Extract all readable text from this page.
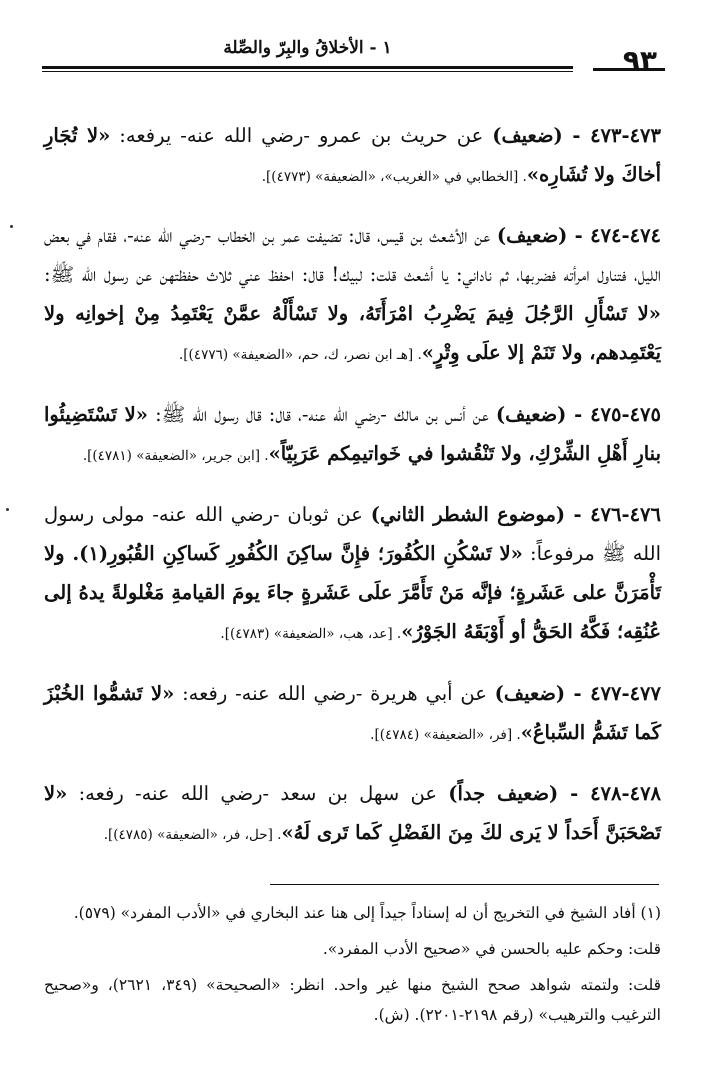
٩٣
١ - الأخلاقُ والبِرّ والصِّلة

٤٧٣-٤٧٣ - (ضعيف) عن حريث بن عمرو -رضي الله عنه- يرفعه: «لا تُجَارِ أخاكَ ولا تُشَارِه». [الخطابي في «الغريب»، «الضعيفة» (٤٧٧٣)].

٤٧٤-٤٧٤ - (ضعيف) عن الأشعث بن قيس، قال: تضيفت عمر بن الخطاب -رضي الله عنه-، فقام في بعض الليل، فتناول امرأته فضربها، ثم ناداني: يا أشعث قلت: لبيك! قال: احفظ عني ثلاث حفظتهن عن رسول الله ﷺ: «لا تَسْأَلِ الرَّجُلَ فِيمَ يَضْرِبُ امْرَأَتَهُ، ولا تَسْأَلْهُ عمَّنْ يَعْتَمِدُ مِنْ إخوانِه ولا يَعْتَمِدهم، ولا تَنَمْ إلا علَى وِتْرٍ». [هـ ابن نصر، ك، حم، «الضعيفة» (٤٧٧٦)].

٤٧٥-٤٧٥ - (ضعيف) عن أنس بن مالك -رضي الله عنه-، قال: قال رسول الله ﷺ: «لا تَسْتَضِيئُوا بنارِ أَهْلِ الشِّرْكِ، ولا تَنْقُشوا في خَواتيمِكم عَرَبِيّاً». [ابن جرير، «الضعيفة» (٤٧٨١)].

٤٧٦-٤٧٦ - (موضوع الشطر الثاني) عن ثوبان -رضي الله عنه- مولى رسول الله ﷺ مرفوعاً: «لا تَسْكُنِ الكُفُورَ؛ فإِنَّ ساكِنَ الكُفُورِ كَساكِنِ القُبُورِ(١). ولا تَأْمَرَنَّ على عَشَرةٍ؛ فإنَّه مَنْ تَأَمَّرَ علَى عَشَرةٍ جاءَ يومَ القيامةِ مَغْلولةً يدهُ إلى عُنُقِه؛ فَكَّهُ الحَقُّ أو أَوْبَقَهُ الجَوْرُ». [عد، هب، «الضعيفة» (٤٧٨٣)].

٤٧٧-٤٧٧ - (ضعيف) عن أبي هريرة -رضي الله عنه- رفعه: «لا تَشمُّوا الخُبْزَ كَما تَشَمُّ السِّباعُ». [فر، «الضعيفة» (٤٧٨٤)].

٤٧٨-٤٧٨ - (ضعيف جداً) عن سهل بن سعد -رضي الله عنه- رفعه: «لا تَصْحَبَنَّ أَحَداً لا يَرى لكَ مِنَ الفَضْلِ كَما تَرى لَهُ». [حل، فر، «الضعيفة» (٤٧٨٥)].

(١) أفاد الشيخ في التخريج أن له إسناداً جيداً إلى هنا عند البخاري في «الأدب المفرد» (٥٧٩).

قلت: وحكم عليه بالحسن في «صحيح الأدب المفرد».

قلت: ولتمته شواهد صحح الشيخ منها غير واحد. انظر: «الصحيحة» (٣٤٩، ٢٦٢١)، و«صحيح الترغيب والترهيب» (رقم ٢١٩٨-٢٢٠١). (ش).
